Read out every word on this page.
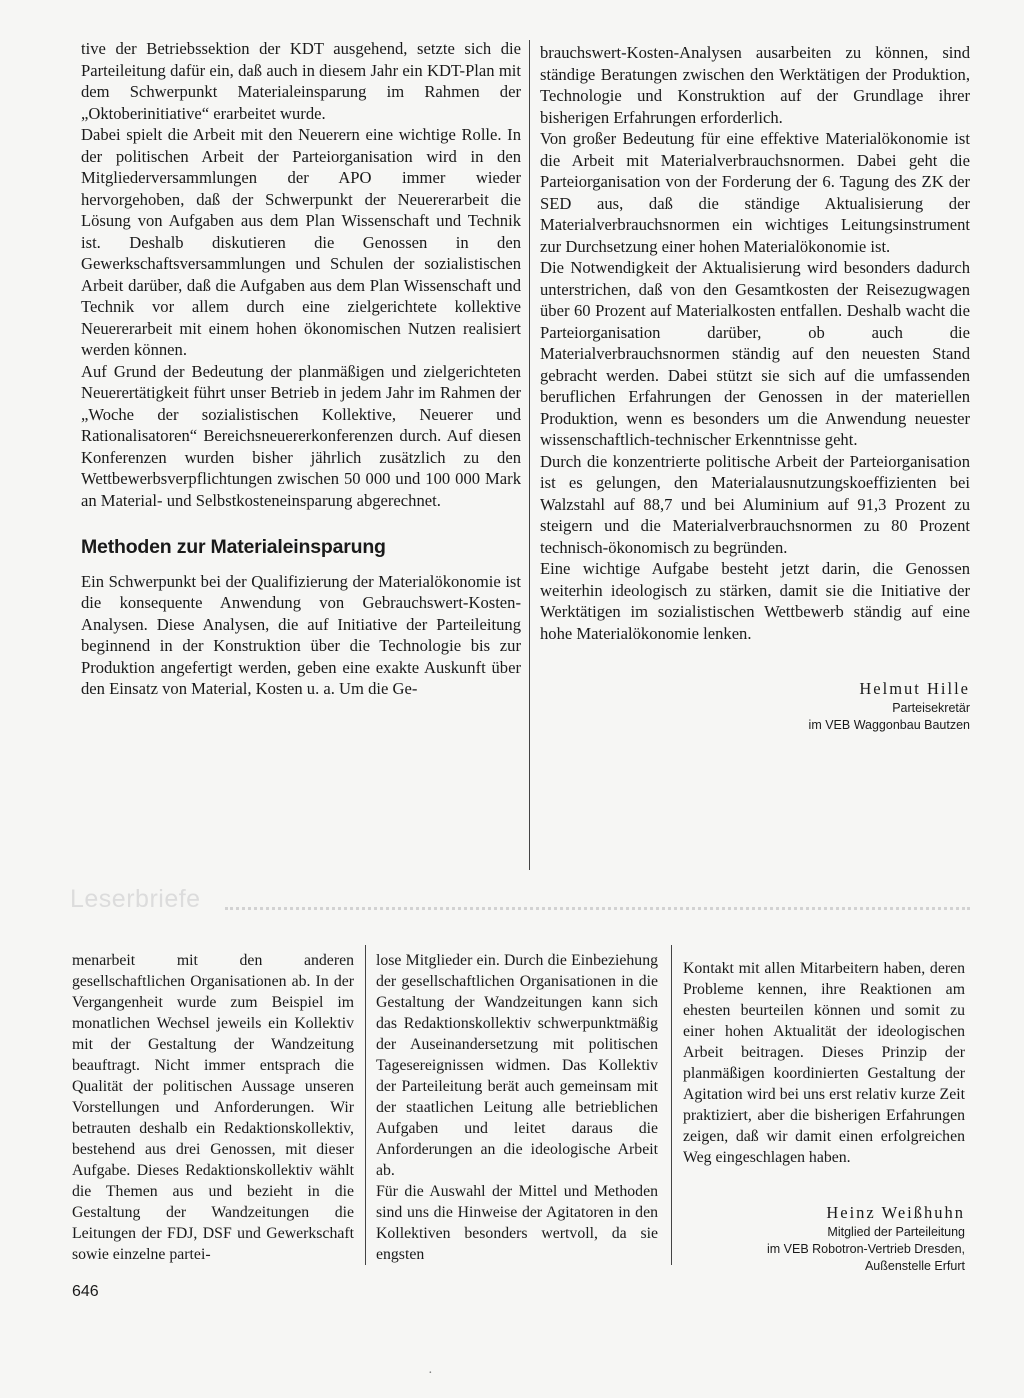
tive der Betriebssektion der KDT ausgehend, setzte sich die Parteileitung dafür ein, daß auch in diesem Jahr ein KDT-Plan mit dem Schwerpunkt Materialeinsparung im Rahmen der „Oktoberinitiative“ erarbeitet wurde.

Dabei spielt die Arbeit mit den Neuerern eine wichtige Rolle. In der politischen Arbeit der Parteiorganisation wird in den Mitgliederversammlungen der APO immer wieder hervorgehoben, daß der Schwerpunkt der Neuererarbeit die Lösung von Aufgaben aus dem Plan Wissenschaft und Technik ist. Deshalb diskutieren die Genossen in den Gewerkschaftsversammlungen und Schulen der sozialistischen Arbeit darüber, daß die Aufgaben aus dem Plan Wissenschaft und Technik vor allem durch eine zielgerichtete kollektive Neuererarbeit mit einem hohen ökonomischen Nutzen realisiert werden können.

Auf Grund der Bedeutung der planmäßigen und zielgerichteten Neuerertätigkeit führt unser Betrieb in jedem Jahr im Rahmen der „Woche der sozialistischen Kollektive, Neuerer und Rationalisatoren“ Bereichsneuererkonferenzen durch. Auf diesen Konferenzen wurden bisher jährlich zusätzlich zu den Wettbewerbsverpflichtungen zwischen 50 000 und 100 000 Mark an Material- und Selbstkosteneinsparung abgerechnet.

Methoden zur Materialeinsparung

Ein Schwerpunkt bei der Qualifizierung der Materialökonomie ist die konsequente Anwendung von Gebrauchswert-Kosten-Analysen. Diese Analysen, die auf Initiative der Parteileitung beginnend in der Konstruktion über die Technologie bis zur Produktion angefertigt werden, geben eine exakte Auskunft über den Einsatz von Material, Kosten u. a. Um die Ge-

brauchswert-Kosten-Analysen ausarbeiten zu können, sind ständige Beratungen zwischen den Werktätigen der Produktion, Technologie und Konstruktion auf der Grundlage ihrer bisherigen Erfahrungen erforderlich.

Von großer Bedeutung für eine effektive Materialökonomie ist die Arbeit mit Materialverbrauchsnormen. Dabei geht die Parteiorganisation von der Forderung der 6. Tagung des ZK der SED aus, daß die ständige Aktualisierung der Materialverbrauchsnormen ein wichtiges Leitungsinstrument zur Durchsetzung einer hohen Materialökonomie ist.

Die Notwendigkeit der Aktualisierung wird besonders dadurch unterstrichen, daß von den Gesamtkosten der Reisezugwagen über 60 Prozent auf Materialkosten entfallen. Deshalb wacht die Parteiorganisation darüber, ob auch die Materialverbrauchsnormen ständig auf den neuesten Stand gebracht werden. Dabei stützt sie sich auf die umfassenden beruflichen Erfahrungen der Genossen in der materiellen Produktion, wenn es besonders um die Anwendung neuester wissenschaftlich-technischer Erkenntnisse geht.

Durch die konzentrierte politische Arbeit der Parteiorganisation ist es gelungen, den Materialausnutzungskoeffizienten bei Walzstahl auf 88,7 und bei Aluminium auf 91,3 Prozent zu steigern und die Materialverbrauchsnormen zu 80 Prozent technisch-ökonomisch zu begründen.

Eine wichtige Aufgabe besteht jetzt darin, die Genossen weiterhin ideologisch zu stärken, damit sie die Initiative der Werktätigen im sozialistischen Wettbewerb ständig auf eine hohe Materialökonomie lenken.

Helmut Hille
Parteisekretär
im VEB Waggonbau Bautzen
Leserbriefe

menarbeit mit den anderen gesellschaftlichen Organisationen ab. In der Vergangenheit wurde zum Beispiel im monatlichen Wechsel jeweils ein Kollektiv mit der Gestaltung der Wandzeitung beauftragt. Nicht immer entsprach die Qualität der politischen Aussage unseren Vorstellungen und Anforderungen. Wir betrauten deshalb ein Redaktionskollektiv, bestehend aus drei Genossen, mit dieser Aufgabe. Dieses Redaktionskollektiv wählt die Themen aus und bezieht in die Gestaltung der Wandzeitungen die Leitungen der FDJ, DSF und Gewerkschaft sowie einzelne partei-

lose Mitglieder ein. Durch die Einbeziehung der gesellschaftlichen Organisationen in die Gestaltung der Wandzeitungen kann sich das Redaktionskollektiv schwerpunktmäßig der Auseinandersetzung mit politischen Tagesereignissen widmen. Das Kollektiv der Parteileitung berät auch gemeinsam mit der staatlichen Leitung alle betrieblichen Aufgaben und leitet daraus die Anforderungen an die ideologische Arbeit ab.

Für die Auswahl der Mittel und Methoden sind uns die Hinweise der Agitatoren in den Kollektiven besonders wertvoll, da sie engsten

Kontakt mit allen Mitarbeitern haben, deren Probleme kennen, ihre Reaktionen am ehesten beurteilen können und somit zu einer hohen Aktualität der ideologischen Arbeit beitragen. Dieses Prinzip der planmäßigen koordinierten Gestaltung der Agitation wird bei uns erst relativ kurze Zeit praktiziert, aber die bisherigen Erfahrungen zeigen, daß wir damit einen erfolgreichen Weg eingeschlagen haben.

Heinz Weißhuhn
Mitglied der Parteileitung
im VEB Robotron-Vertrieb Dresden,
Außenstelle Erfurt
646
·
